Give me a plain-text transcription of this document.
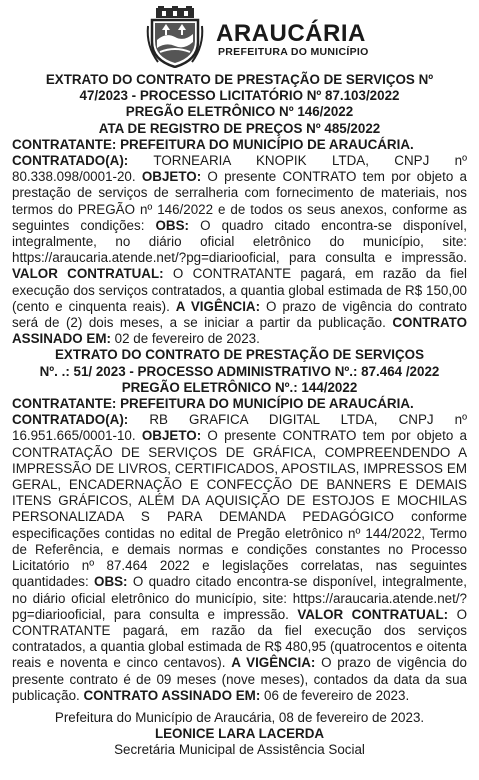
ARAUCÁRIA
PREFEITURA DO MUNICÍPIO

EXTRATO DO CONTRATO DE PRESTAÇÃO DE SERVIÇOS Nº

47/2023 - PROCESSO LICITATÓRIO Nº 87.103/2022

PREGÃO ELETRÔNICO Nº 146/2022

ATA DE REGISTRO DE PREÇOS Nº 485/2022

CONTRATANTE: PREFEITURA DO MUNICÍPIO DE ARAUCÁRIA.

CONTRATADO(A): TORNEARIA KNOPIK LTDA, CNPJ nº 80.338.098/0001-20. OBJETO: O presente CONTRATO tem por objeto a prestação de serviços de serralheria com fornecimento de materiais, nos termos do PREGÃO nº 146/2022 e de todos os seus anexos, conforme as seguintes condições: OBS: O quadro citado encontra-se disponível, integralmente, no diário oficial eletrônico do município, site: https://araucaria.atende.net/?pg=diariooficial, para consulta e impressão. VALOR CONTRATUAL: O CONTRATANTE pagará, em razão da fiel execução dos serviços contratados, a quantia global estimada de R$ 150,00 (cento e cinquenta reais). A VIGÊNCIA: O prazo de vigência do contrato será de (2) dois meses, a se iniciar a partir da publicação. CONTRATO ASSINADO EM: 02 de fevereiro de 2023.

EXTRATO DO CONTRATO DE PRESTAÇÃO DE SERVIÇOS

Nº. .: 51/ 2023 - PROCESSO ADMINISTRATIVO Nº.: 87.464 /2022

PREGÃO ELETRÔNICO Nº.: 144/2022

CONTRATANTE: PREFEITURA DO MUNICÍPIO DE ARAUCÁRIA.

CONTRATADO(A): RB GRAFICA DIGITAL LTDA, CNPJ nº 16.951.665/0001-10. OBJETO: O presente CONTRATO tem por objeto a CONTRATAÇÃO DE SERVIÇOS DE GRÁFICA, COMPREENDENDO A IMPRESSÃO DE LIVROS, CERTIFICADOS, APOSTILAS, IMPRESSOS EM GERAL, ENCADERNAÇÃO E CONFECÇÃO DE BANNERS E DEMAIS ITENS GRÁFICOS, ALÉM DA AQUISIÇÃO DE ESTOJOS E MOCHILAS PERSONALIZADA S PARA DEMANDA PEDAGÓGICO conforme especificações contidas no edital de Pregão eletrônico nº 144/2022, Termo de Referência, e demais normas e condições constantes no Processo Licitatório nº 87.464 2022 e legislações correlatas, nas seguintes quantidades: OBS: O quadro citado encontra-se disponível, integralmente, no diário oficial eletrônico do município, site: https://araucaria.atende.net/?pg=diariooficial, para consulta e impressão. VALOR CONTRATUAL: O CONTRATANTE pagará, em razão da fiel execução dos serviços contratados, a quantia global estimada de R$ 480,95 (quatrocentos e oitenta reais e noventa e cinco centavos). A VIGÊNCIA: O prazo de vigência do presente contrato é de 09 meses (nove meses), contados da data da sua publicação. CONTRATO ASSINADO EM: 06 de fevereiro de 2023.

Prefeitura do Município de Araucária, 08 de fevereiro de 2023.
LEONICE LARA LACERDA
Secretária Municipal de Assistência Social
